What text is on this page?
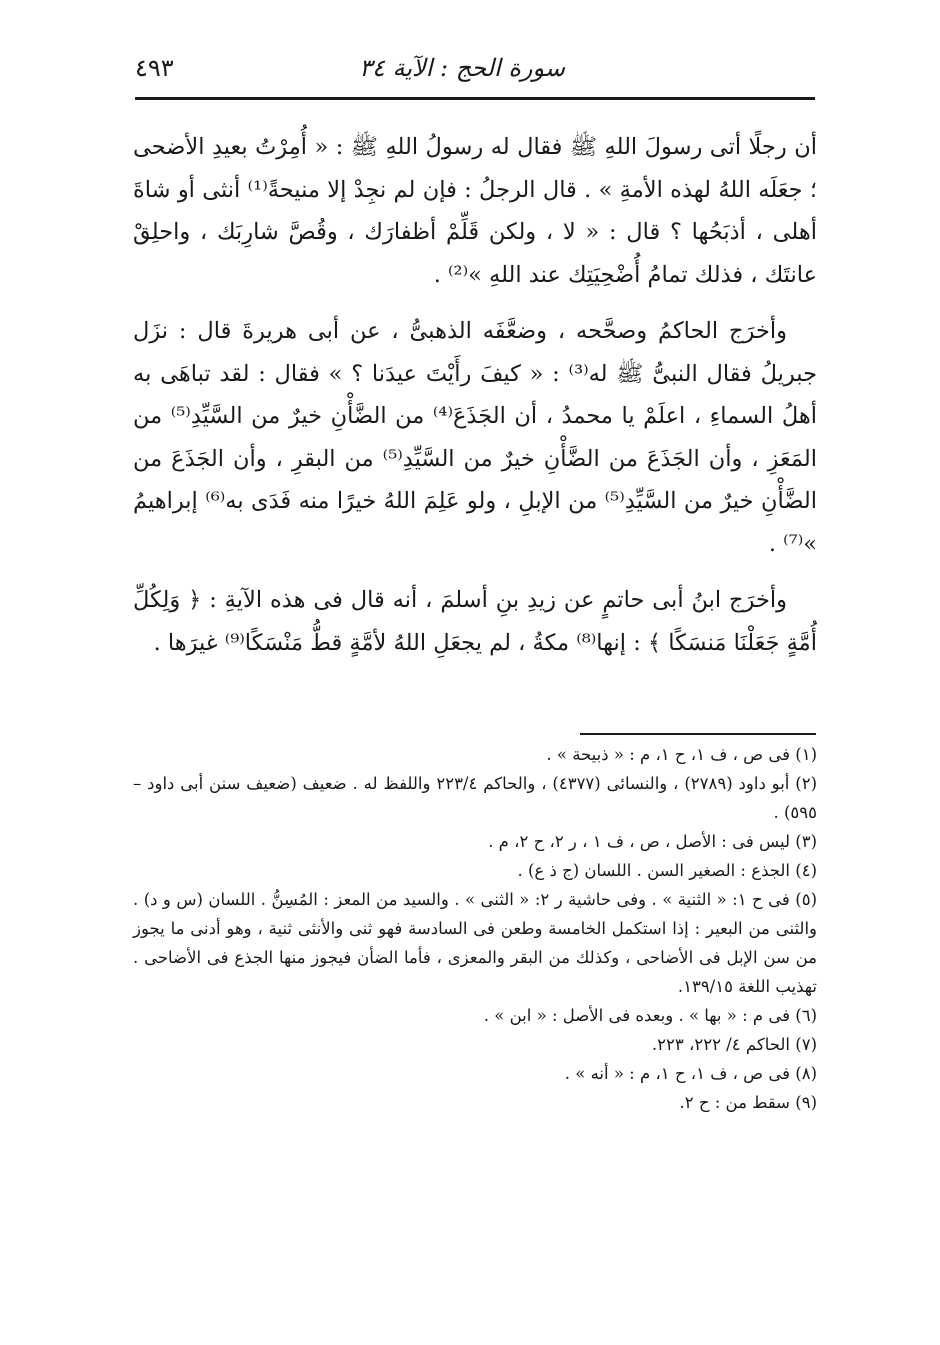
سورة الحج : الآية ٣٤
٤٩٣

أن رجلًا أتى رسولَ اللهِ ﷺ فقال له رسولُ اللهِ ﷺ : « أُمِرْتُ بعيدِ الأضحى ؛ جعَلَه اللهُ لهذه الأمةِ » . قال الرجلُ : فإن لم نجِدْ إلا منيحةً⁽¹⁾ أنثى أو شاةَ أهلى ، أذبَحُها ؟ قال : « لا ، ولكن قَلِّمْ أظفارَك ، وقُصَّ شارِبَك ، واحلِقْ عانتَك ، فذلك تمامُ أُضْحِيَتِك عند اللهِ »⁽²⁾ .

وأخرَج الحاكمُ وصحَّحه ، وضعَّفَه الذهبىُّ ، عن أبى هريرةَ قال : نزَل جبريلُ فقال النبىُّ ﷺ له⁽³⁾ : « كيفَ رأَيْتَ عيدَنا ؟ » فقال : لقد تباهَى به أهلُ السماءِ ، اعلَمْ يا محمدُ ، أن الجَذَعَ⁽⁴⁾ من الضَّأْنِ خيرٌ من السَّيِّدِ⁽⁵⁾ من المَعَزِ ، وأن الجَذَعَ من الضَّأْنِ خيرٌ من السَّيِّدِ⁽⁵⁾ من البقرِ ، وأن الجَذَعَ من الضَّأْنِ خيرٌ من السَّيِّدِ⁽⁵⁾ من الإبلِ ، ولو عَلِمَ اللهُ خيرًا منه فَدَى به⁽⁶⁾ إبراهيمُ »⁽⁷⁾ .

وأخرَج ابنُ أبى حاتمٍ عن زيدِ بنِ أسلمَ ، أنه قال فى هذه الآيةِ : ﴿ وَلِكُلِّ أُمَّةٍ جَعَلْنَا مَنسَكًا ﴾ : إنها⁽⁸⁾ مكةُ ، لم يجعَلِ اللهُ لأمَّةٍ قطُّ مَنْسَكًا⁽⁹⁾ غيرَها .

(١) فى ص ، ف ١، ح ١، م : « ذبيحة » .

(٢) أبو داود (٢٧٨٩) ، والنسائى (٤٣٧٧) ، والحاكم ٢٢٣/٤ واللفظ له . ضعيف (ضعيف سنن أبى داود – ٥٩٥) .

(٣) ليس فى : الأصل ، ص ، ف ١ ، ر ٢، ح ٢، م .

(٤) الجذع : الصغير السن . اللسان (ج ذ ع) .

(٥) فى ح ١: « الثنية » . وفى حاشية ر ٢: « الثنى » . والسيد من المعز : المُسِنُّ . اللسان (س و د) . والثنى من البعير : إذا استكمل الخامسة وطعن فى السادسة فهو ثنى والأنثى ثنية ، وهو أدنى ما يجوز من سن الإبل فى الأضاحى ، وكذلك من البقر والمعزى ، فأما الضأن فيجوز منها الجذع فى الأضاحى . تهذيب اللغة ١٣٩/١٥.

(٦) فى م : « بها » . وبعده فى الأصل : « ابن » .

(٧) الحاكم ٤/ ٢٢٢، ٢٢٣.

(٨) فى ص ، ف ١، ح ١، م : « أنه » .

(٩) سقط من : ح ٢.
